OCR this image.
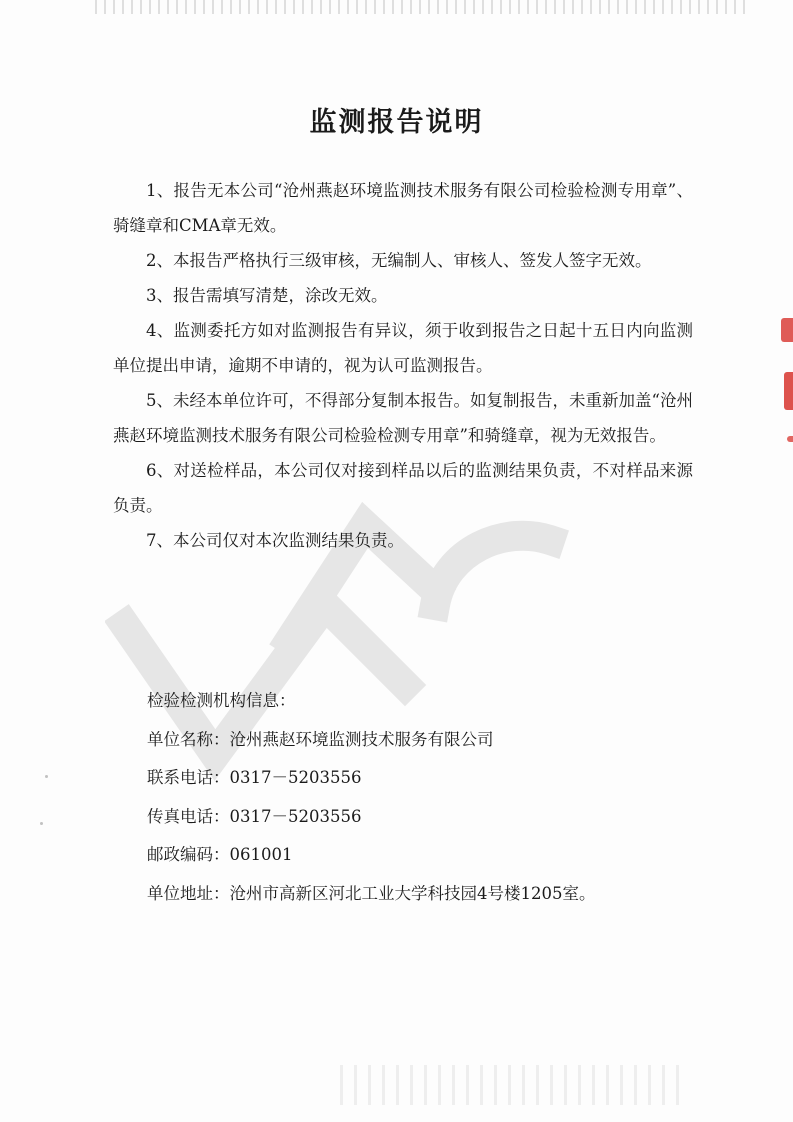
监测报告说明

1、报告无本公司“沧州燕赵环境监测技术服务有限公司检验检测专用章”、骑缝章和CMA章无效。

2、本报告严格执行三级审核，无编制人、审核人、签发人签字无效。

3、报告需填写清楚，涂改无效。

4、监测委托方如对监测报告有异议，须于收到报告之日起十五日内向监测单位提出申请，逾期不申请的，视为认可监测报告。

5、未经本单位许可，不得部分复制本报告。如复制报告，未重新加盖“沧州燕赵环境监测技术服务有限公司检验检测专用章”和骑缝章，视为无效报告。

6、对送检样品，本公司仅对接到样品以后的监测结果负责，不对样品来源负责。

7、本公司仅对本次监测结果负责。

检验检测机构信息：
单位名称：沧州燕赵环境监测技术服务有限公司
联系电话：0317－5203556
传真电话：0317－5203556
邮政编码：061001
单位地址：沧州市高新区河北工业大学科技园4号楼1205室。
